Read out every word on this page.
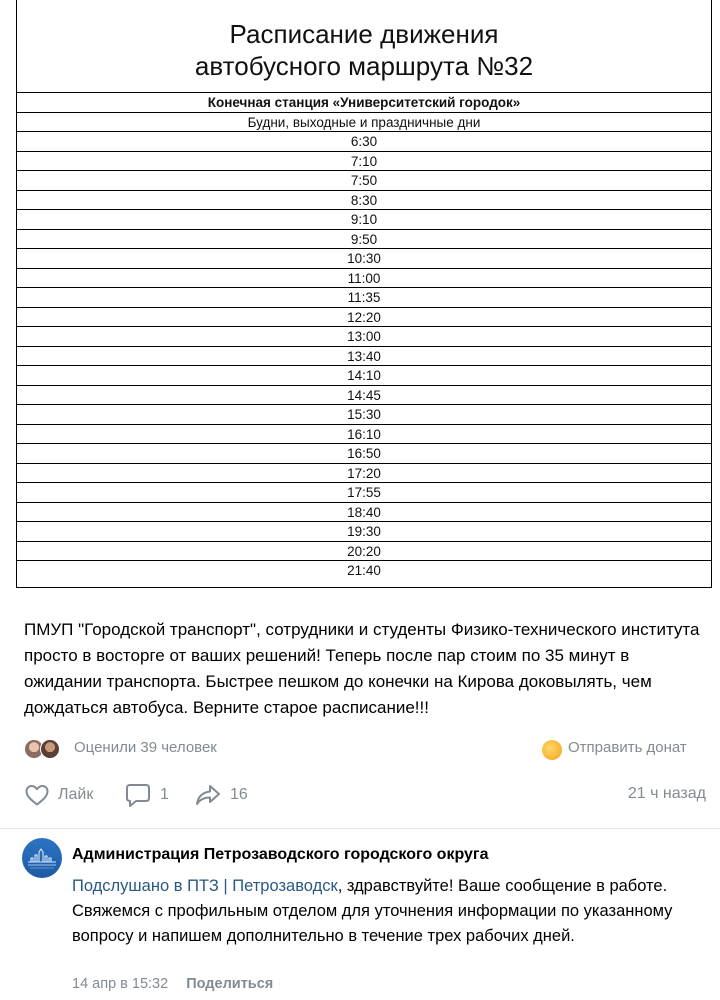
Расписание движения
автобусного маршрута №32
Конечная станция «Университетский городок»
Будни, выходные и праздничные дни
6:30
7:10
7:50
8:30
9:10
9:50
10:30
11:00
11:35
12:20
13:00
13:40
14:10
14:45
15:30
16:10
16:50
17:20
17:55
18:40
19:30
20:20
21:40
ПМУП "Городской транспорт", сотрудники и студенты Физико-технического института просто в восторге от ваших решений! Теперь после пар стоим по 35 минут в ожидании транспорта. Быстрее пешком до конечки на Кирова доковылять, чем дождаться автобуса. Верните старое расписание!!!
Оценили 39 человек	Отправить донат
Лайк	1	16	21 ч назад
Администрация Петрозаводского городского округа
Подслушано в ПТЗ | Петрозаводск, здравствуйте! Ваше сообщение в работе. Свяжемся с профильным отделом для уточнения информации по указанному вопросу и напишем дополнительно в течение трех рабочих дней.
14 апр в 15:32 Поделиться
